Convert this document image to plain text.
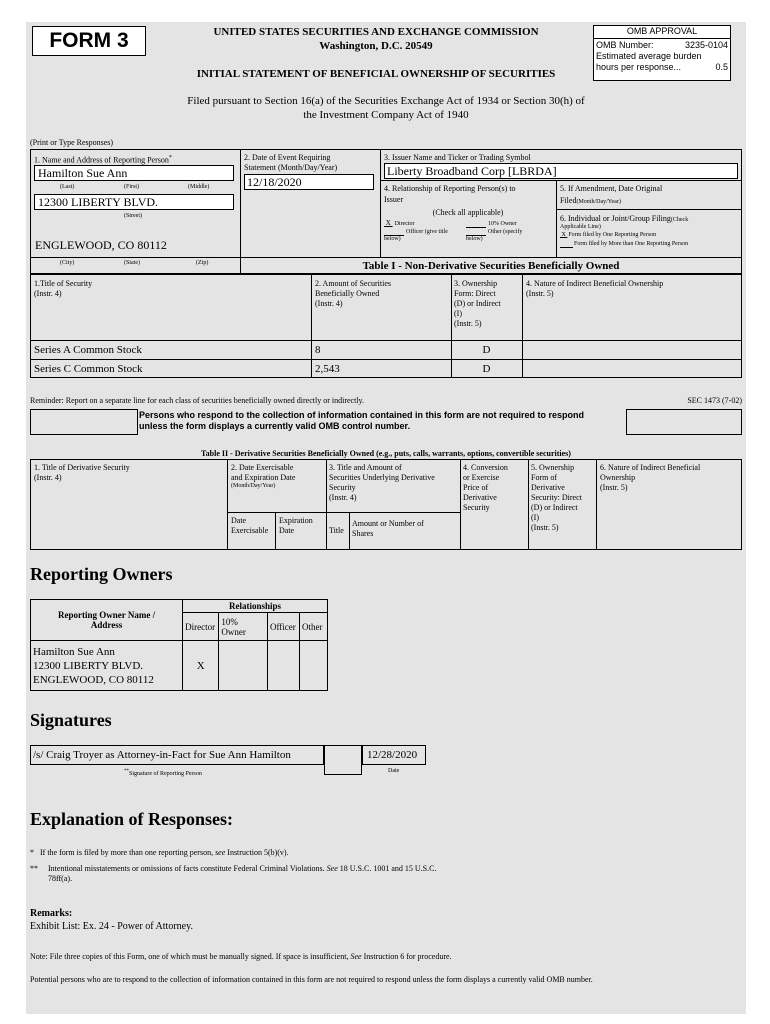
FORM 3	UNITED STATES SECURITIES AND EXCHANGE COMMISSION
Washington, D.C. 20549
INITIAL STATEMENT OF BENEFICIAL OWNERSHIP OF SECURITIES
OMB APPROVAL
OMB Number:	3235-0104
Estimated average burden
hours per response...	0.5
Filed pursuant to Section 16(a) of the Securities Exchange Act of 1934 or Section 30(h) of
the Investment Company Act of 1940
(Print or Type Responses)
1. Name and Address of Reporting Person*
Hamilton Sue Ann
(Last)	(First)	(Middle)
12300 LIBERTY BLVD.
(Street)
ENGLEWOOD, CO 80112
(City)	(State)	(Zip)
2. Date of Event Requiring
Statement (Month/Day/Year)
12/18/2020
3. Issuer Name and Ticker or Trading Symbol
Liberty Broadband Corp [LBRDA]
4. Relationship of Reporting Person(s) to
Issuer
(Check all applicable)
X Director	10% Owner
Officer (give title
below)
Other (specify
below)
5. If Amendment, Date Original
Filed(Month/Day/Year)
6. Individual or Joint/Group Filing(Check
Applicable Line)
X Form filed by One Reporting Person
Form filed by More than One Reporting Person
Table I - Non-Derivative Securities Beneficially Owned
1.Title of Security
(Instr. 4)
2. Amount of Securities
Beneficially Owned
(Instr. 4)
3. Ownership
Form: Direct
(D) or Indirect
(I)
(Instr. 5)
4. Nature of Indirect Beneficial Ownership
(Instr. 5)
Series A Common Stock	8	D
Series C Common Stock	2,543	D
Reminder: Report on a separate line for each class of securities beneficially owned directly or indirectly.	SEC 1473 (7-02)
Persons who respond to the collection of information contained in this form are not required to respond
unless the form displays a currently valid OMB control number.
Table II - Derivative Securities Beneficially Owned (e.g., puts, calls, warrants, options, convertible securities)
1. Title of Derivative Security
(Instr. 4)
2. Date Exercisable
and Expiration Date
(Month/Day/Year)
Date
Exercisable
Expiration
Date
3. Title and Amount of
Securities Underlying Derivative
Security
(Instr. 4)
Title
Amount or Number of
Shares
4. Conversion
or Exercise
Price of
Derivative
Security
5. Ownership
Form of
Derivative
Security: Direct
(D) or Indirect
(I)
(Instr. 5)
6. Nature of Indirect Beneficial
Ownership
(Instr. 5)
Reporting Owners
Reporting Owner Name /
Address	Relationships			
	Director	10%
Owner	Officer	Other

Hamilton Sue Ann
12300 LIBERTY BLVD.
ENGLEWOOD, CO 80112	X			
Signatures
/s/ Craig Troyer as Attorney-in-Fact for Sue Ann Hamilton	12/28/2020
**Signature of Reporting Person	Date
Explanation of Responses:
* If the form is filed by more than one reporting person, see Instruction 5(b)(v).
** Intentional misstatements or omissions of facts constitute Federal Criminal Violations. See 18 U.S.C. 1001 and 15 U.S.C.
78ff(a).
Remarks:
Exhibit List: Ex. 24 - Power of Attorney.
Note: File three copies of this Form, one of which must be manually signed. If space is insufficient, See Instruction 6 for procedure.
Potential persons who are to respond to the collection of information contained in this form are not required to respond unless the form displays a currently valid OMB number.
